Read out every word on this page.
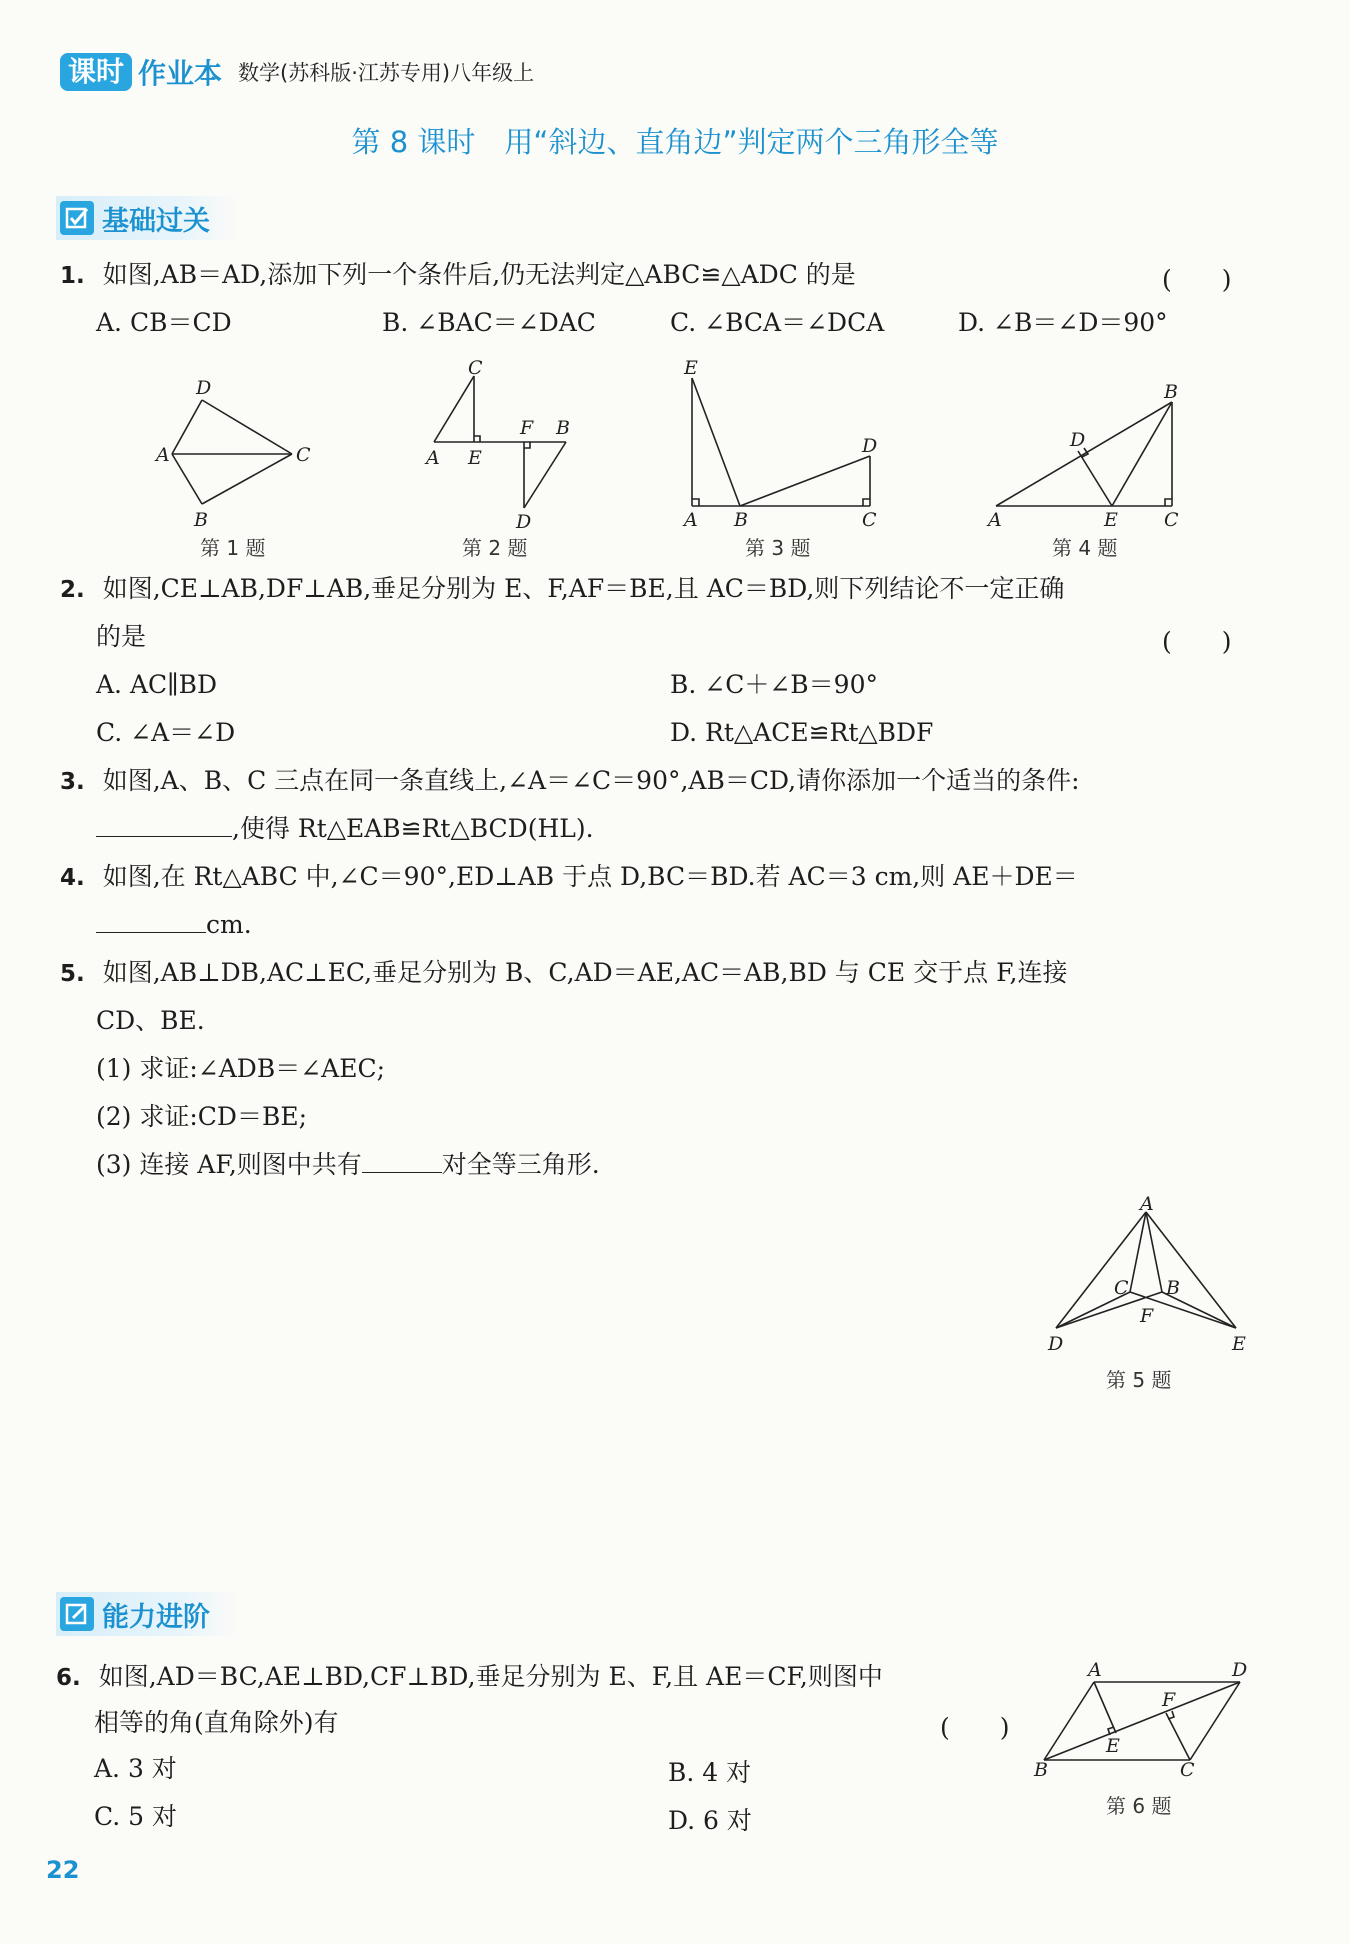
课时 作业本 数学(苏科版·江苏专用)八年级上
第 8 课时　用“斜边、直角边”判定两个三角形全等
基础过关
1. 如图,AB＝AD,添加下列一个条件后,仍无法判定△ABC≌△ADC 的是	(　　)
A. CB＝CD	B. ∠BAC＝∠DAC	C. ∠BCA＝∠DCA	D. ∠B＝∠D＝90°
D
A	C
B
第 1 题
C
A E
F B
D
第 2 题
E
D
A B	C
第 3 题
B
D
A	E C
第 4 题
2. 如图,CE⊥AB,DF⊥AB,垂足分别为 E、F,AF＝BE,且 AC＝BD,则下列结论不一定正确
的是	(　　)
A. AC∥BD	B. ∠C＋∠B＝90°
C. ∠A＝∠D	D. Rt△ACE≌Rt△BDF
3. 如图,A、B、C 三点在同一条直线上,∠A＝∠C＝90°,AB＝CD,请你添加一个适当的条件:
,使得 Rt△EAB≌Rt△BCD(HL).
4. 如图,在 Rt△ABC 中,∠C＝90°,ED⊥AB 于点 D,BC＝BD.若 AC＝3 cm,则 AE＋DE＝
cm.
5. 如图,AB⊥DB,AC⊥EC,垂足分别为 B、C,AD＝AE,AC＝AB,BD 与 CE 交于点 F,连接
CD、BE.
(1) 求证:∠ADB＝∠AEC;
(2) 求证:CD＝BE;
(3) 连接 AF,则图中共有	对全等三角形.
A
C B
F
D	E
第 5 题
能力进阶
6. 如图,AD＝BC,AE⊥BD,CF⊥BD,垂足分别为 E、F,且 AE＝CF,则图中
相等的角(直角除外)有	(　　)
A. 3 对	B. 4 对
C. 5 对	D. 6 对
A	D
F
E
B	C
第 6 题
22
